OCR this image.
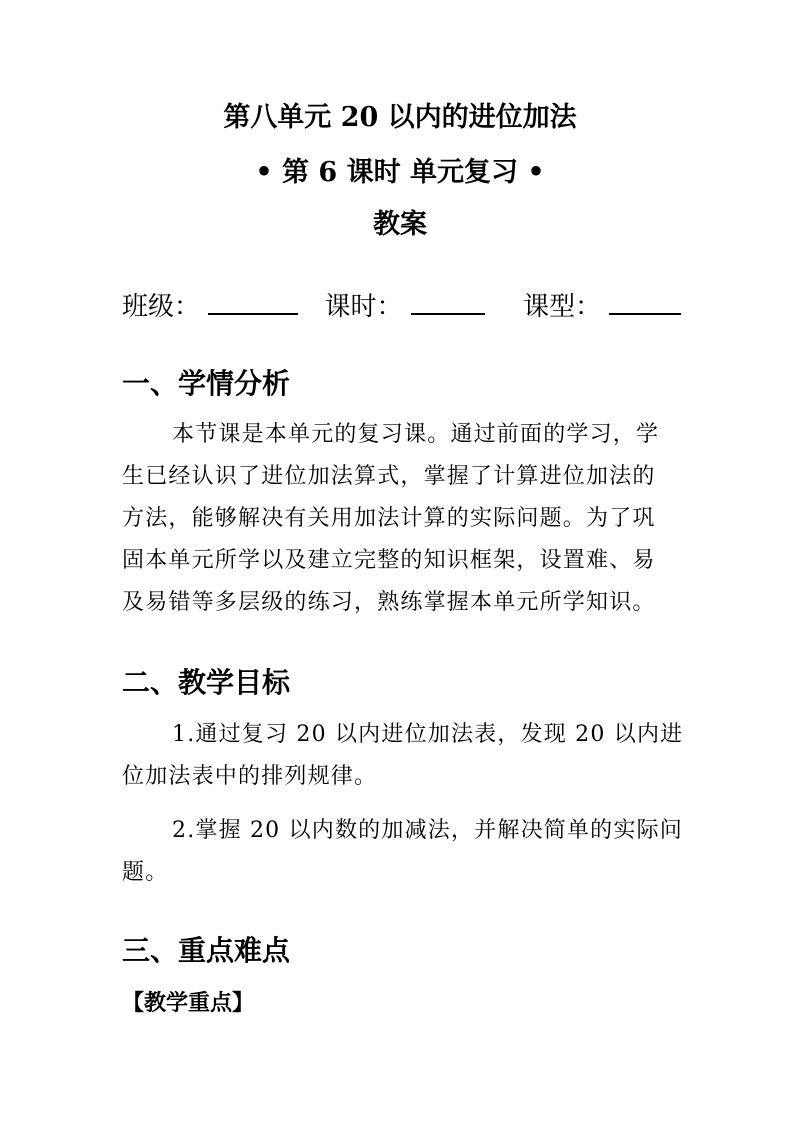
第八单元 20 以内的进位加法
• 第 6 课时 单元复习 •
教案
班级：	课时：	课型：
一、学情分析
本节课是本单元的复习课。通过前面的学习，学
生已经认识了进位加法算式，掌握了计算进位加法的
方法，能够解决有关用加法计算的实际问题。为了巩
固本单元所学以及建立完整的知识框架，设置难、易
及易错等多层级的练习，熟练掌握本单元所学知识。
二、教学目标
1.通过复习 20 以内进位加法表，发现 20 以内进
位加法表中的排列规律。
2.掌握 20 以内数的加减法，并解决简单的实际问
题。
三、重点难点
【教学重点】
